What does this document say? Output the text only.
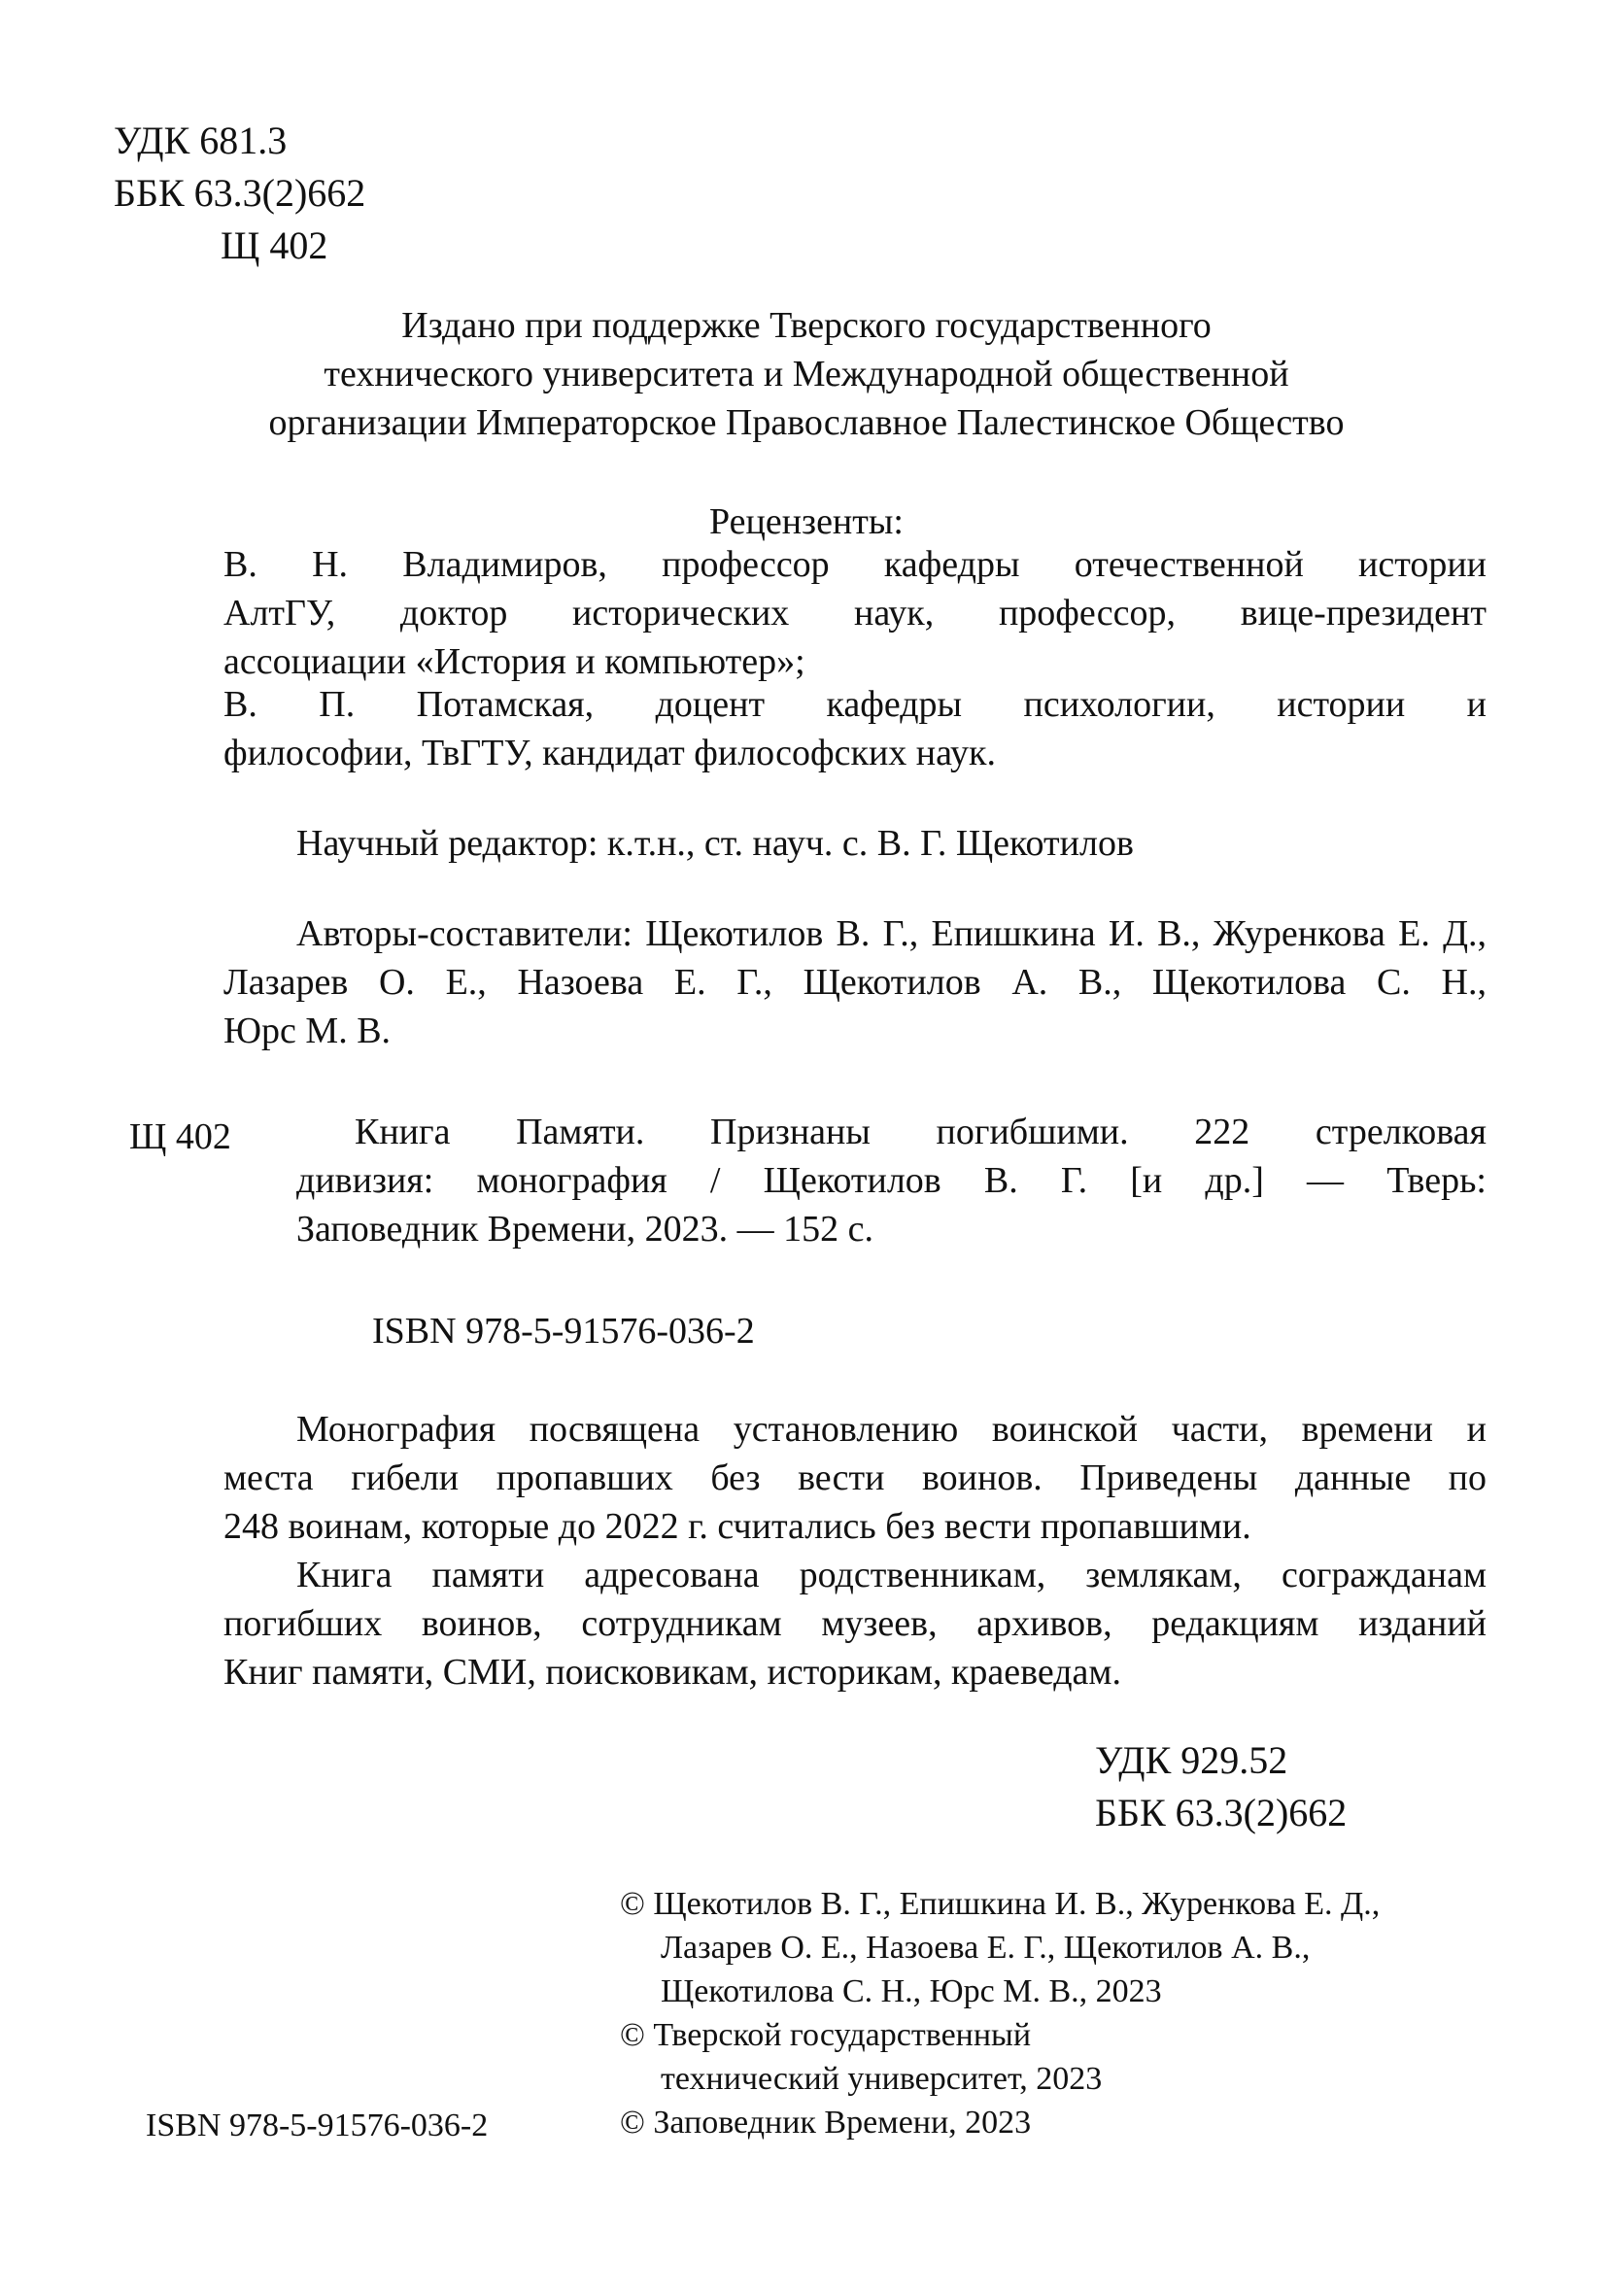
УДК 681.3
ББК 63.3(2)662
Щ 402
Издано при поддержке Тверского государственного
технического университета и Международной общественной
организации Императорское Православное Палестинское Общество
Рецензенты:
В. Н. Владимиров, профессор кафедры отечественной истории
АлтГУ, доктор исторических наук, профессор, вице-президент
ассоциации «История и компьютер»;
В. П. Потамская, доцент кафедры психологии, истории и
философии, ТвГТУ, кандидат философских наук.
Научный редактор: к.т.н., ст. науч. с. В. Г. Щекотилов
Авторы-составители: Щекотилов В. Г., Епишкина И. В., Журенкова Е. Д.,
Лазарев О. Е., Назоева Е. Г., Щекотилов А. В., Щекотилова С. Н.,
Юрс М. В.
Щ 402	Книга Памяти. Признаны погибшими. 222 стрелковая
дивизия: монография / Щекотилов В. Г. [и др.] — Тверь:
Заповедник Времени, 2023. — 152 с.
ISBN 978-5-91576-036-2
Монография посвящена установлению воинской части, времени и
места гибели пропавших без вести воинов. Приведены данные по
248 воинам, которые до 2022 г. считались без вести пропавшими.
Книга памяти адресована родственникам, землякам, согражданам
погибших воинов, сотрудникам музеев, архивов, редакциям изданий
Книг памяти, СМИ, поисковикам, историкам, краеведам.
УДК 929.52
ББК 63.3(2)662
© Щекотилов В. Г., Епишкина И. В., Журенкова Е. Д.,
Лазарев О. Е., Назоева Е. Г., Щекотилов А. В.,
Щекотилова С. Н., Юрс М. В., 2023
© Тверской государственный
технический университет, 2023
© Заповедник Времени, 2023
ISBN 978-5-91576-036-2
